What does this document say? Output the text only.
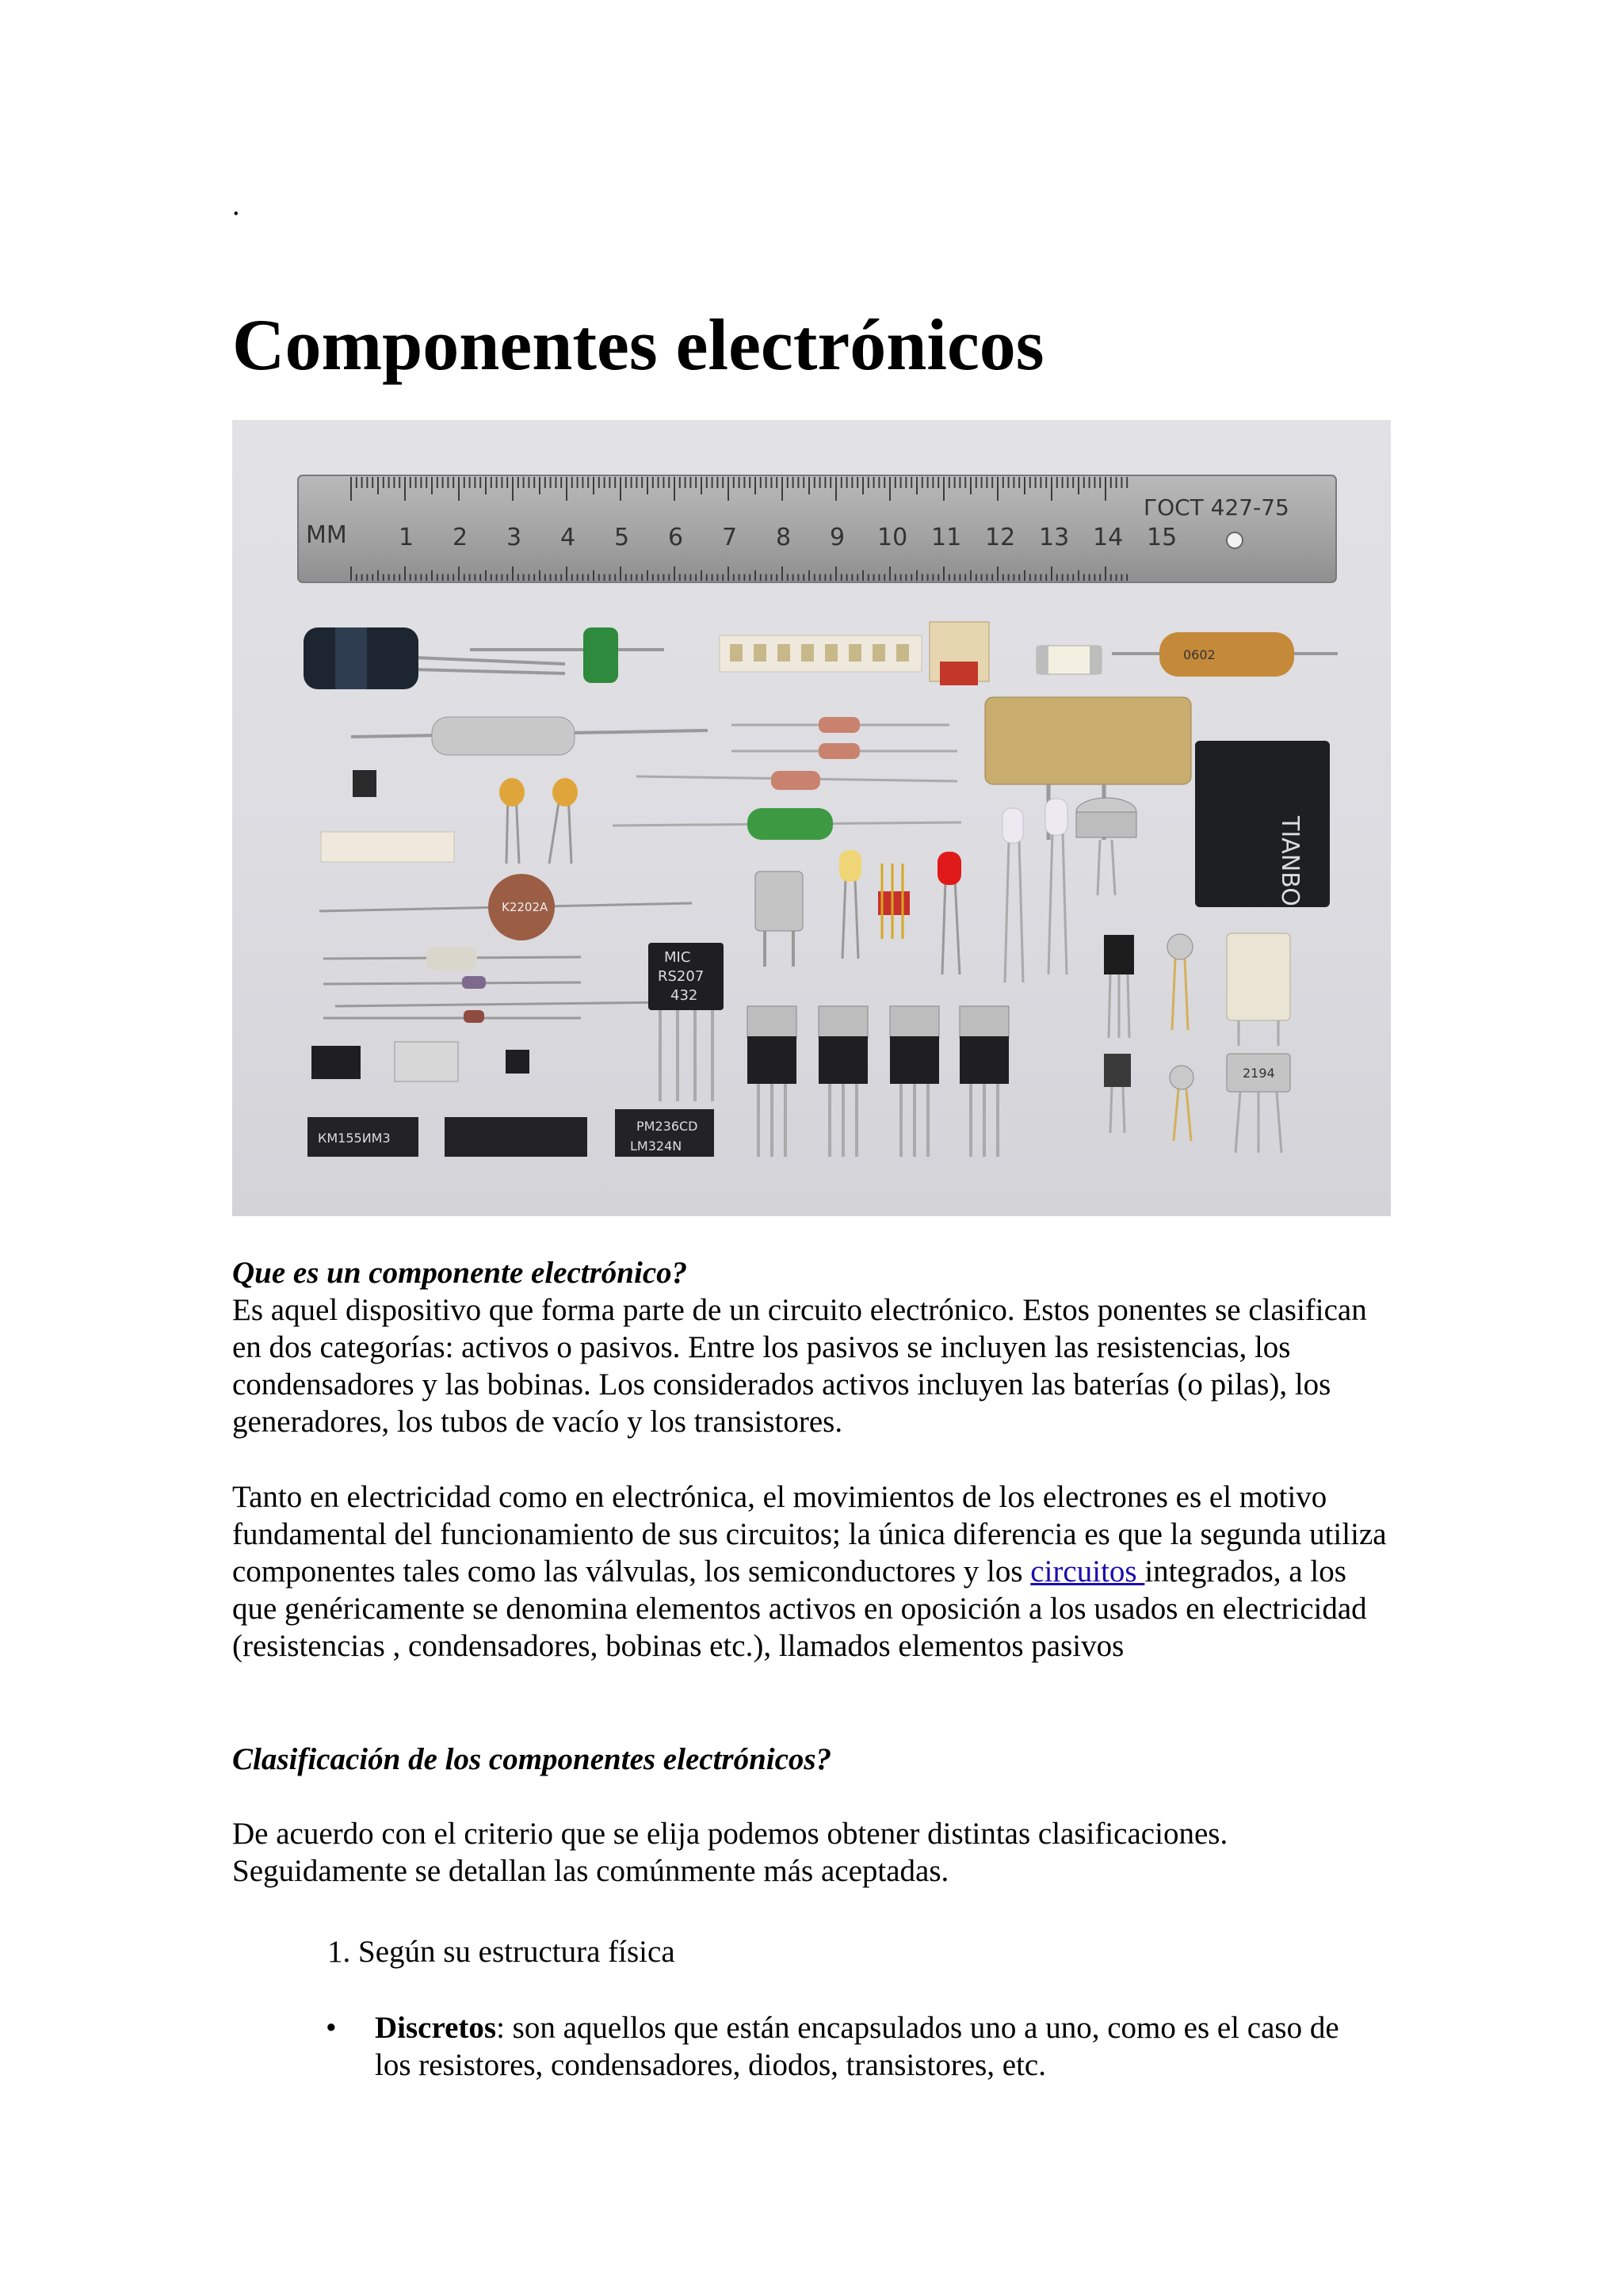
.
Componentes electrónicos
MM 1 2 3 4 5 6 7 8 9 10 11 12 13 14 15
ГОСТ 427-75
0602
TIANBO
K2202A
MIC
RS207
432
2194
КМ155ИМ3
PM236CD
LM324N

Que es un componente electrónico?

Es aquel dispositivo que forma parte de un circuito electrónico. Estos ponentes se clasifican en dos categorías: activos o pasivos. Entre los pasivos se incluyen las resistencias, los condensadores y las bobinas. Los considerados activos incluyen las baterías (o pilas), los generadores, los tubos de vacío y los transistores.

Tanto en electricidad como en electrónica, el movimientos de los electrones es el motivo fundamental del funcionamiento de sus circuitos; la única diferencia es que la segunda utiliza componentes tales como las válvulas, los semiconductores y los circuitos integrados, a los que genéricamente se denomina elementos activos en oposición a los usados en electricidad (resistencias , condensadores, bobinas etc.), llamados elementos pasivos

Clasificación de los componentes electrónicos?

De acuerdo con el criterio que se elija podemos obtener distintas clasificaciones. Seguidamente se detallan las comúnmente más aceptadas.

1. Según su estructura física
• Discretos: son aquellos que están encapsulados uno a uno, como es el caso de los resistores, condensadores, diodos, transistores, etc.
